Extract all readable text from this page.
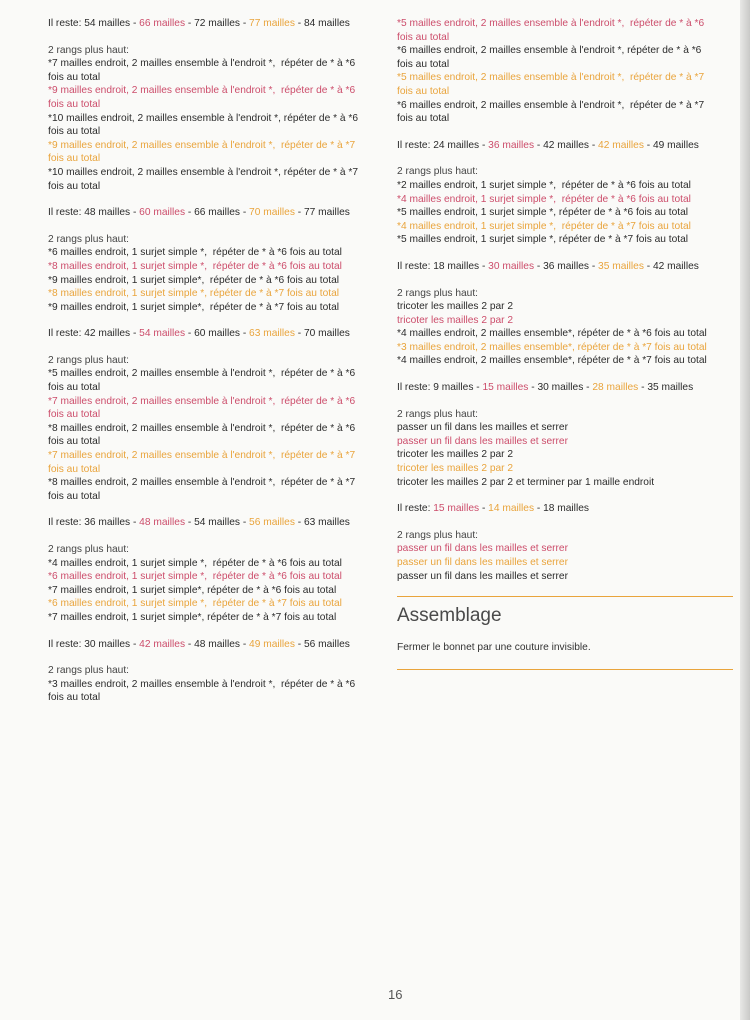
Il reste: 54 mailles - 66 mailles - 72 mailles - 77 mailles - 84 mailles
2 rangs plus haut:
*7 mailles endroit, 2 mailles ensemble à l'endroit *,  répéter de * à *6
fois au total
*9 mailles endroit, 2 mailles ensemble à l'endroit *,  répéter de * à *6
fois au total
*10 mailles endroit, 2 mailles ensemble à l'endroit *, répéter de * à *6
fois au total
*9 mailles endroit, 2 mailles ensemble à l'endroit *,  répéter de * à *7
fois au total
*10 mailles endroit, 2 mailles ensemble à l'endroit *, répéter de * à *7
fois au total
Il reste: 48 mailles - 60 mailles - 66 mailles - 70 mailles - 77 mailles
2 rangs plus haut:
*6 mailles endroit, 1 surjet simple *,  répéter de * à *6 fois au total
*8 mailles endroit, 1 surjet simple *,  répéter de * à *6 fois au total
*9 mailles endroit, 1 surjet simple*,  répéter de * à *6 fois au total
*8 mailles endroit, 1 surjet simple *, répéter de * à *7 fois au total
*9 mailles endroit, 1 surjet simple*,  répéter de * à *7 fois au total
Il reste: 42 mailles - 54 mailles - 60 mailles - 63 mailles - 70 mailles
2 rangs plus haut:
*5 mailles endroit, 2 mailles ensemble à l'endroit *,  répéter de * à *6
fois au total
*7 mailles endroit, 2 mailles ensemble à l'endroit *,  répéter de * à *6
fois au total
*8 mailles endroit, 2 mailles ensemble à l'endroit *,  répéter de * à *6
fois au total
*7 mailles endroit, 2 mailles ensemble à l'endroit *,  répéter de * à *7
fois au total
*8 mailles endroit, 2 mailles ensemble à l'endroit *,  répéter de * à *7
fois au total
Il reste: 36 mailles - 48 mailles - 54 mailles - 56 mailles - 63 mailles
2 rangs plus haut:
*4 mailles endroit, 1 surjet simple *,  répéter de * à *6 fois au total
*6 mailles endroit, 1 surjet simple *,  répéter de * à *6 fois au total
*7 mailles endroit, 1 surjet simple*, répéter de * à *6 fois au total
*6 mailles endroit, 1 surjet simple *,  répéter de * à *7 fois au total
*7 mailles endroit, 1 surjet simple*, répéter de * à *7 fois au total
Il reste: 30 mailles - 42 mailles - 48 mailles - 49 mailles - 56 mailles
2 rangs plus haut:
*3 mailles endroit, 2 mailles ensemble à l'endroit *,  répéter de * à *6
fois au total
*5 mailles endroit, 2 mailles ensemble à l'endroit *,  répéter de * à *6
fois au total
*6 mailles endroit, 2 mailles ensemble à l'endroit *, répéter de * à *6
fois au total
*5 mailles endroit, 2 mailles ensemble à l'endroit *,  répéter de * à *7
fois au total
*6 mailles endroit, 2 mailles ensemble à l'endroit *,  répéter de * à *7
fois au total
Il reste: 24 mailles - 36 mailles - 42 mailles - 42 mailles - 49 mailles
2 rangs plus haut:
*2 mailles endroit, 1 surjet simple *,  répéter de * à *6 fois au total
*4 mailles endroit, 1 surjet simple *,  répéter de * à *6 fois au total
*5 mailles endroit, 1 surjet simple *, répéter de * à *6 fois au total
*4 mailles endroit, 1 surjet simple *,  répéter de * à *7 fois au total
*5 mailles endroit, 1 surjet simple *, répéter de * à *7 fois au total
Il reste: 18 mailles - 30 mailles - 36 mailles - 35 mailles - 42 mailles
2 rangs plus haut:
tricoter les mailles 2 par 2
tricoter les mailles 2 par 2
*4 mailles endroit, 2 mailles ensemble*, répéter de * à *6 fois au total
*3 mailles endroit, 2 mailles ensemble*, répéter de * à *7 fois au total
*4 mailles endroit, 2 mailles ensemble*, répéter de * à *7 fois au total
Il reste: 9 mailles - 15 mailles - 30 mailles - 28 mailles - 35 mailles
2 rangs plus haut:
passer un fil dans les mailles et serrer
passer un fil dans les mailles et serrer
tricoter les mailles 2 par 2
tricoter les mailles 2 par 2
tricoter les mailles 2 par 2 et terminer par 1 maille endroit
Il reste: 15 mailles - 14 mailles - 18 mailles
2 rangs plus haut:
passer un fil dans les mailles et serrer
passer un fil dans les mailles et serrer
passer un fil dans les mailles et serrer
Assemblage
Fermer le bonnet par une couture invisible.
16
